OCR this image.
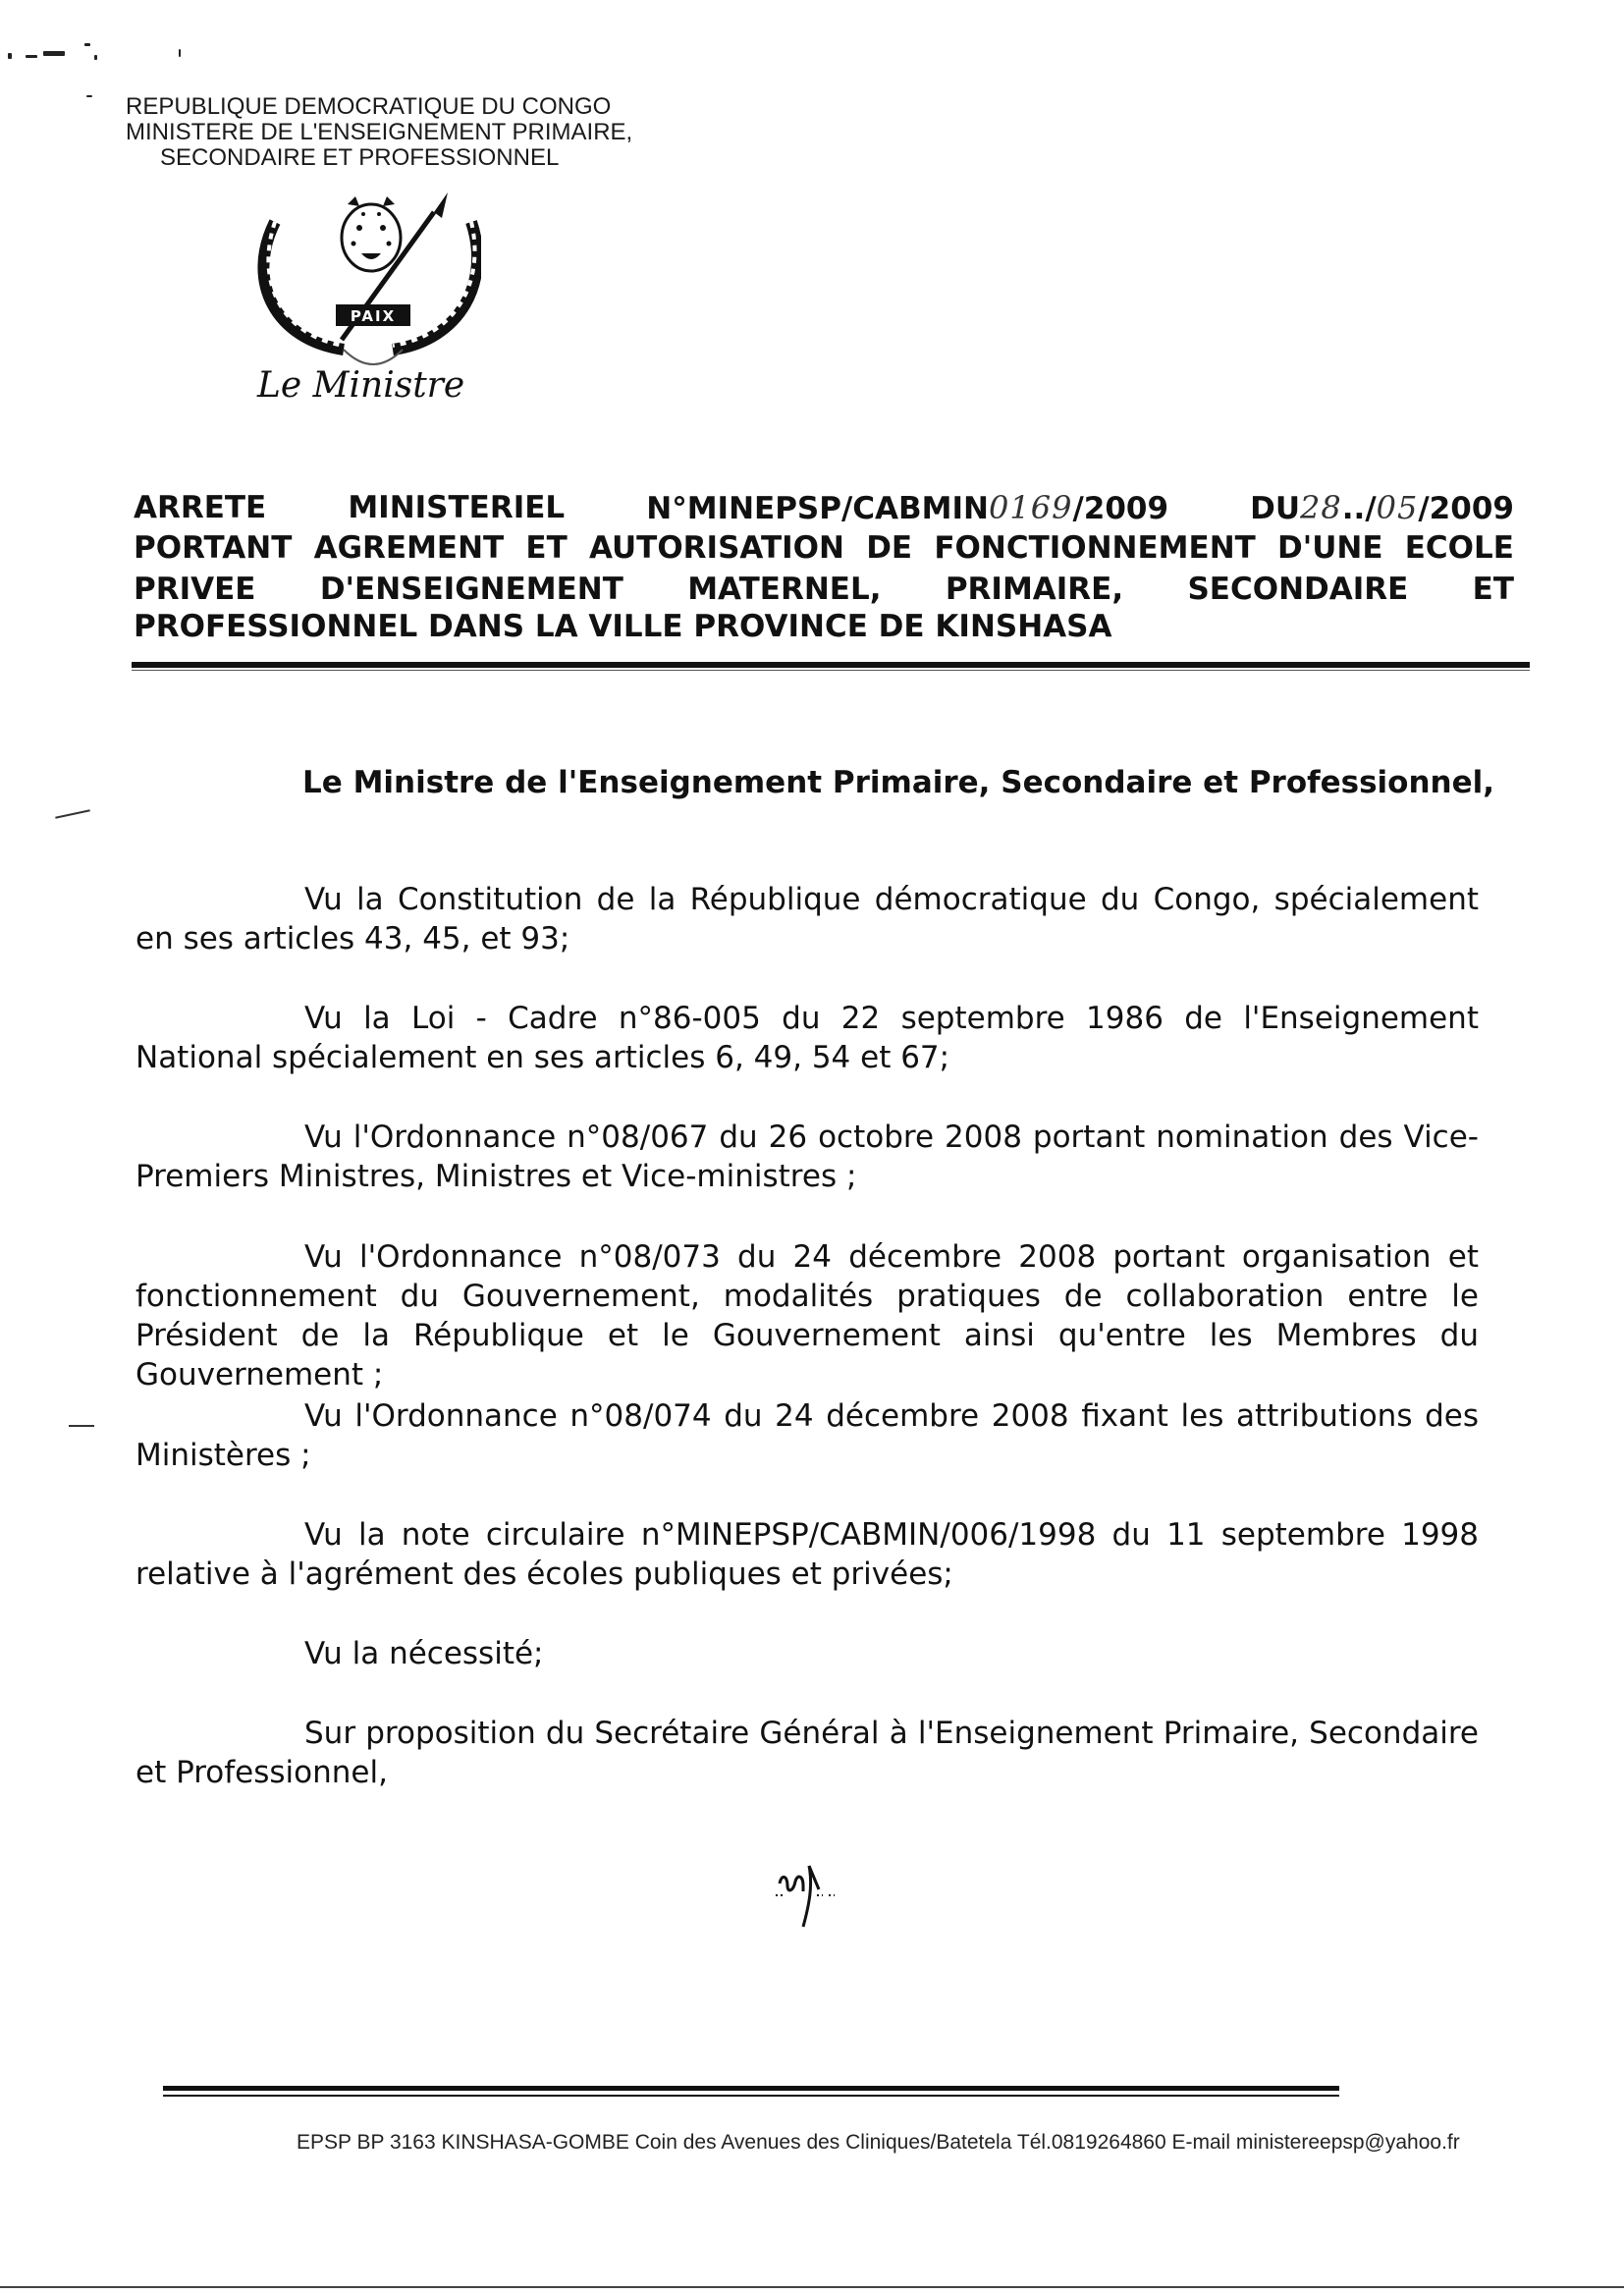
REPUBLIQUE DEMOCRATIQUE DU CONGO
MINISTERE DE L'ENSEIGNEMENT PRIMAIRE,
SECONDAIRE ET PROFESSIONNEL
PAIX
Le Ministre
ARRETE	MINISTERIEL	N°MINEPSP/CABMIN0169/2009	DU28../05/2009
PORTANT AGREMENT ET AUTORISATION DE FONCTIONNEMENT D'UNE ECOLE
PRIVEE D'ENSEIGNEMENT MATERNEL, PRIMAIRE, SECONDAIRE ET
PROFESSIONNEL DANS LA VILLE PROVINCE DE KINSHASA
Le Ministre de l'Enseignement Primaire, Secondaire et Professionnel,
Vu la Constitution de la République démocratique du Congo, spécialement en ses articles 43, 45, et 93;
Vu la Loi - Cadre n°86-005 du 22 septembre 1986 de l'Enseignement National spécialement en ses articles 6, 49, 54 et 67;
Vu l'Ordonnance n°08/067 du 26 octobre 2008 portant nomination des Vice-Premiers Ministres, Ministres et Vice-ministres ;
Vu l'Ordonnance n°08/073 du 24 décembre 2008 portant organisation et fonctionnement du Gouvernement, modalités pratiques de collaboration entre le Président de la République et le Gouvernement ainsi qu'entre les Membres du Gouvernement ;
Vu l'Ordonnance n°08/074 du 24 décembre 2008 fixant les attributions des Ministères ;
Vu la note circulaire n°MINEPSP/CABMIN/006/1998 du 11 septembre 1998 relative à l'agrément des écoles publiques et privées;
Vu la nécessité;
Sur proposition du Secrétaire Général à l'Enseignement Primaire, Secondaire et Professionnel,
EPSP BP 3163 KINSHASA-GOMBE Coin des Avenues des Cliniques/Batetela Tél.0819264860 E-mail ministereepsp@yahoo.fr
